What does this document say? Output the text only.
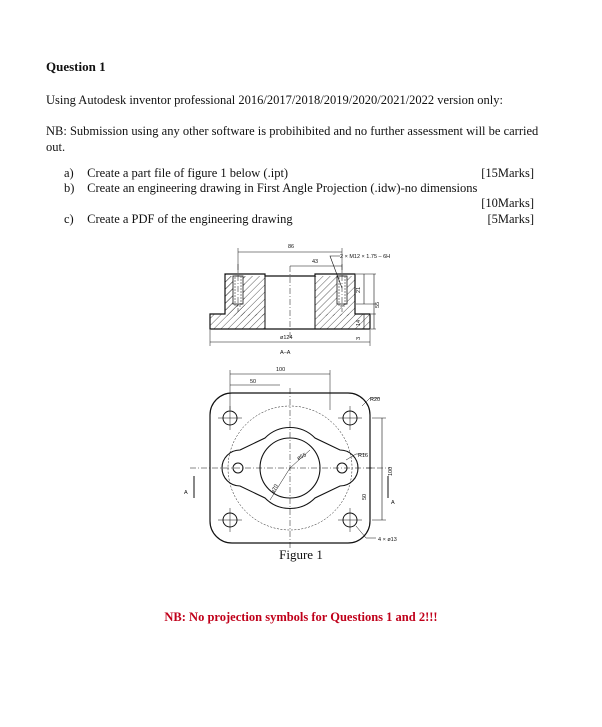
Question 1
Using Autodesk inventor professional 2016/2017/2018/2019/2020/2021/2022 version only:
NB: Submission using any other software is probihibited and no further assessment will be carried out.
a) Create a part file of figure 1 below (.ipt)	[15Marks]
b) Create an engineering drawing in First Angle Projection (.idw)-no dimensions
[10Marks]
c) Create a PDF of the engineering drawing	[5Marks]
86
43
2 × M12 × 1.75 – 6H
21
55
14
3
ø124
A–A
100
50
R20
R16
ø55
ø70
100
50
4 × ø13
A
A
Figure 1
NB: No projection symbols for Questions 1 and 2!!!
